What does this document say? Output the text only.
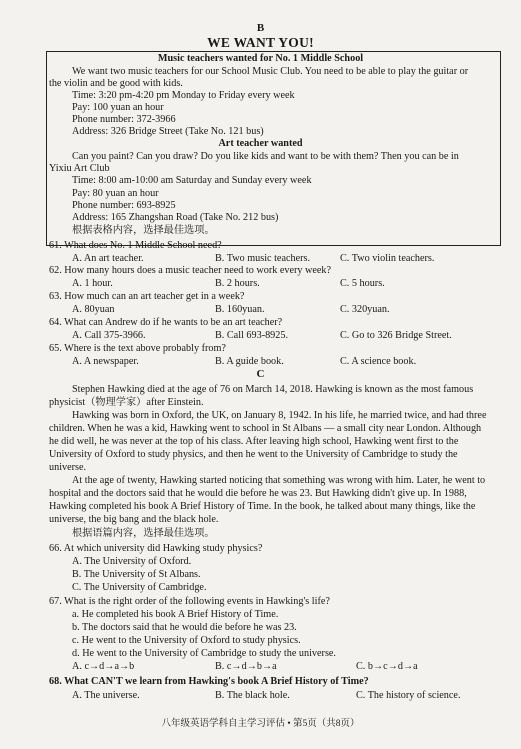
B
WE WANT YOU!
Music teachers wanted for No. 1 Middle School
We want two music teachers for our School Music Club. You need to be able to play the guitar or
the violin and be good with kids.
Time: 3:20 pm-4:20 pm Monday to Friday every week
Pay: 100 yuan an hour
Phone number: 372-3966
Address: 326 Bridge Street (Take No. 121 bus)
Art teacher wanted
Can you paint? Can you draw? Do you like kids and want to be with them? Then you can be in
Yixiu Art Club
Time: 8:00 am-10:00 am Saturday and Sunday every week
Pay: 80 yuan an hour
Phone number: 693-8925
Address: 165 Zhangshan Road (Take No. 212 bus)
根据表格内容，选择最佳选项。
61. What does No. 1 Middle School need?
A. An art teacher.	B. Two music teachers.	C. Two violin teachers.
62. How many hours does a music teacher need to work every week?
A. 1 hour.	B. 2 hours.	C. 5 hours.
63. How much can an art teacher get in a week?
A. 80yuan	B. 160yuan.	C. 320yuan.
64. What can Andrew do if he wants to be an art teacher?
A. Call 375-3966.	B. Call 693-8925.	C. Go to 326 Bridge Street.
65. Where is the text above probably from?
A. A newspaper.	B. A guide book.	C. A science book.
C
Stephen Hawking died at the age of 76 on March 14, 2018. Hawking is known as the most famous
physicist（物理学家）after Einstein.
Hawking was born in Oxford, the UK, on January 8, 1942. In his life, he married twice, and had three
children. When he was a kid, Hawking went to school in St Albans — a small city near London. Although
he did well, he was never at the top of his class. After leaving high school, Hawking went first to the
University of Oxford to study physics, and then he went to the University of Cambridge to study the
universe.
At the age of twenty, Hawking started noticing that something was wrong with him. Later, he went to
hospital and the doctors said that he would die before he was 23. But Hawking didn't give up. In 1988,
Hawking completed his book A Brief History of Time. In the book, he talked about many things, like the
universe, the big bang and the black hole.
根据语篇内容，选择最佳选项。
66. At which university did Hawking study physics?
A. The University of Oxford.
B. The University of St Albans.
C. The University of Cambridge.
67. What is the right order of the following events in Hawking's life?
a. He completed his book A Brief History of Time.
b. The doctors said that he would die before he was 23.
c. He went to the University of Oxford to study physics.
d. He went to the University of Cambridge to study the universe.
A. c→d→a→b	B. c→d→b→a	C. b→c→d→a
68. What CAN'T we learn from Hawking's book A Brief History of Time?
A. The universe.	B. The black hole.	C. The history of science.
八年级英语学科自主学习评估 • 第5页（共8页）
